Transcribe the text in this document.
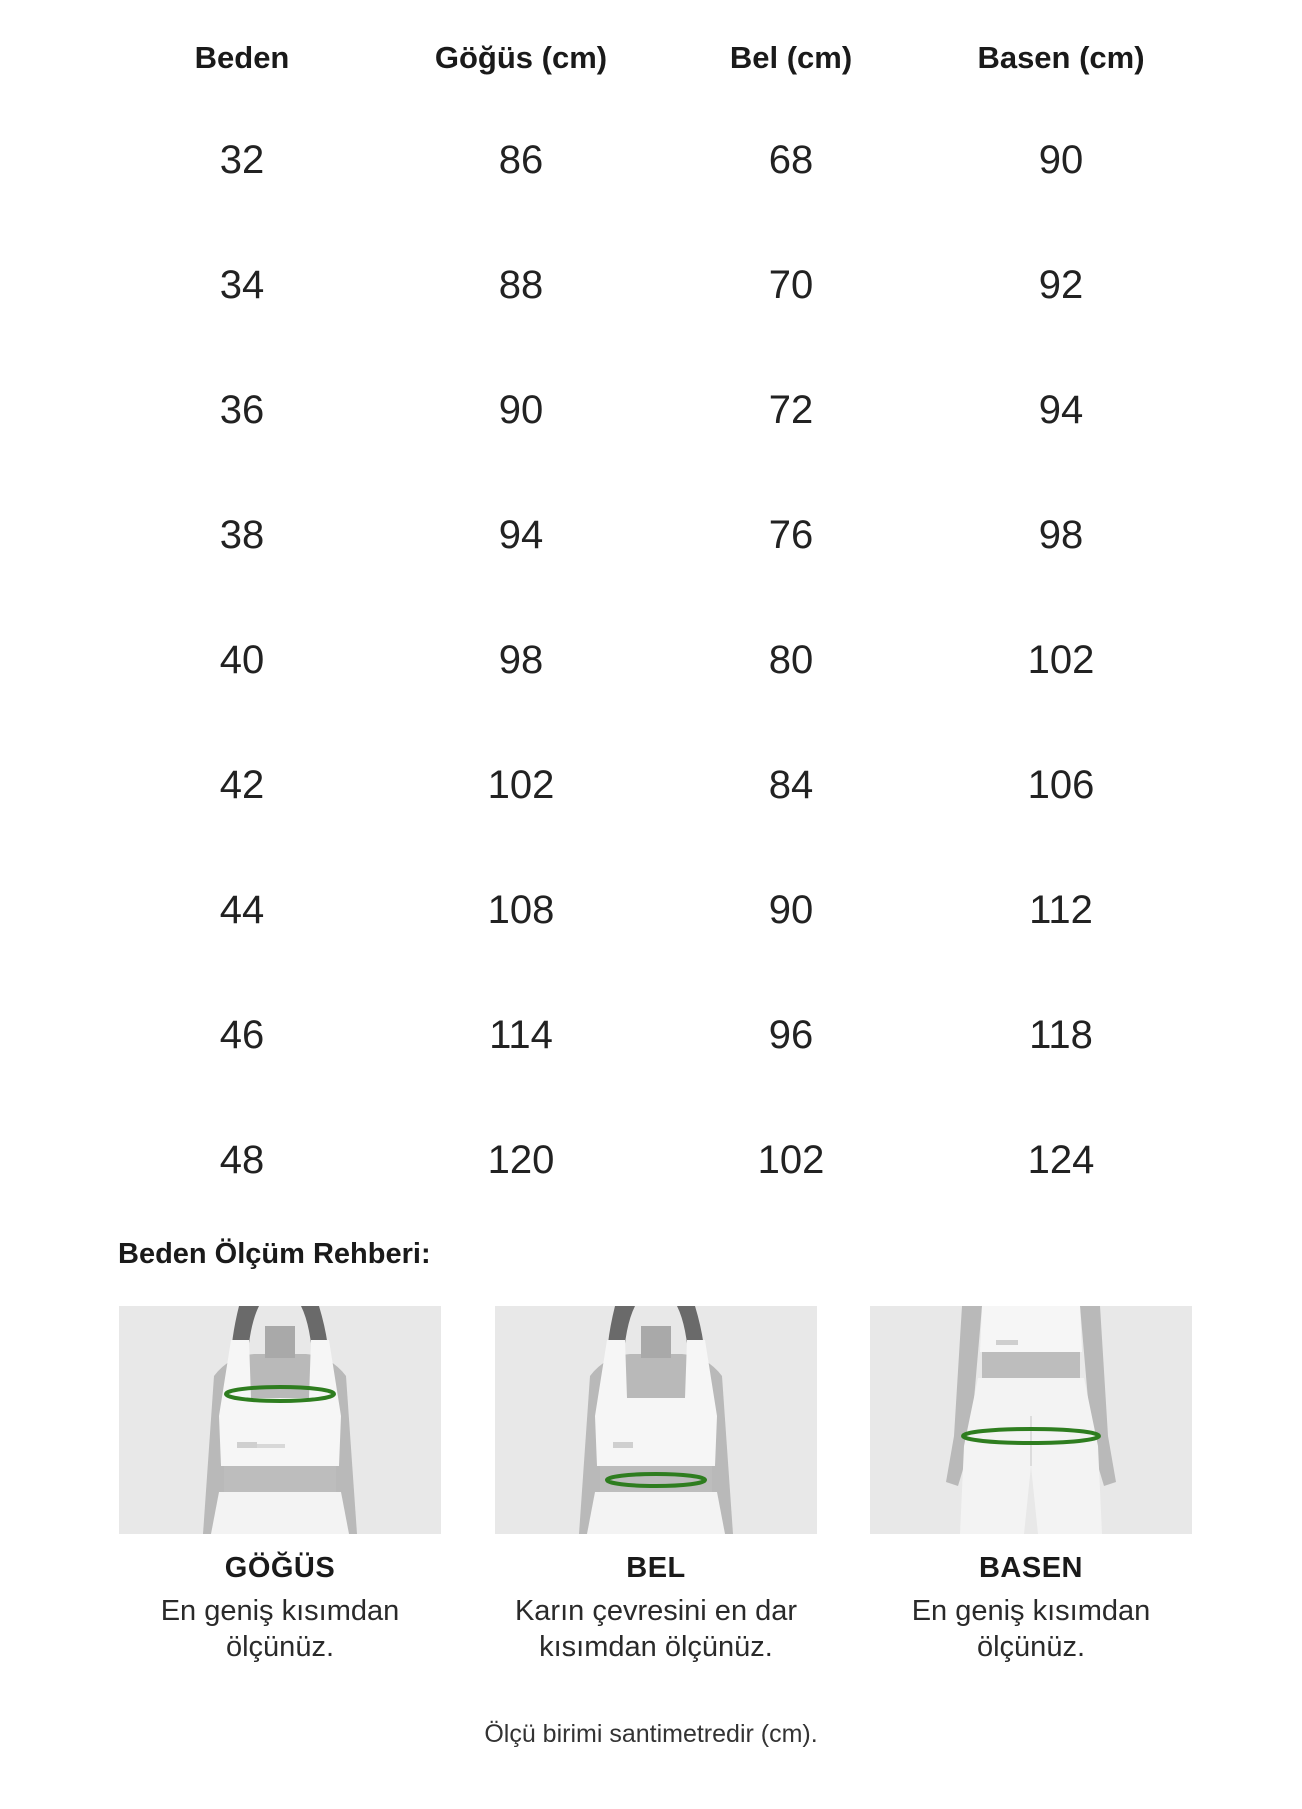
Beden	Göğüs (cm)	Bel (cm)	Basen (cm)
32	86	68	90
34	88	70	92
36	90	72	94
38	94	76	98
40	98	80	102
42	102	84	106
44	108	90	112
46	114	96	118
48	120	102	124
Beden Ölçüm Rehberi:
GÖĞÜS
En geniş kısımdan
ölçünüz.
BEL
Karın çevresini en dar
kısımdan ölçünüz.
BASEN
En geniş kısımdan
ölçünüz.
Ölçü birimi santimetredir (cm).
